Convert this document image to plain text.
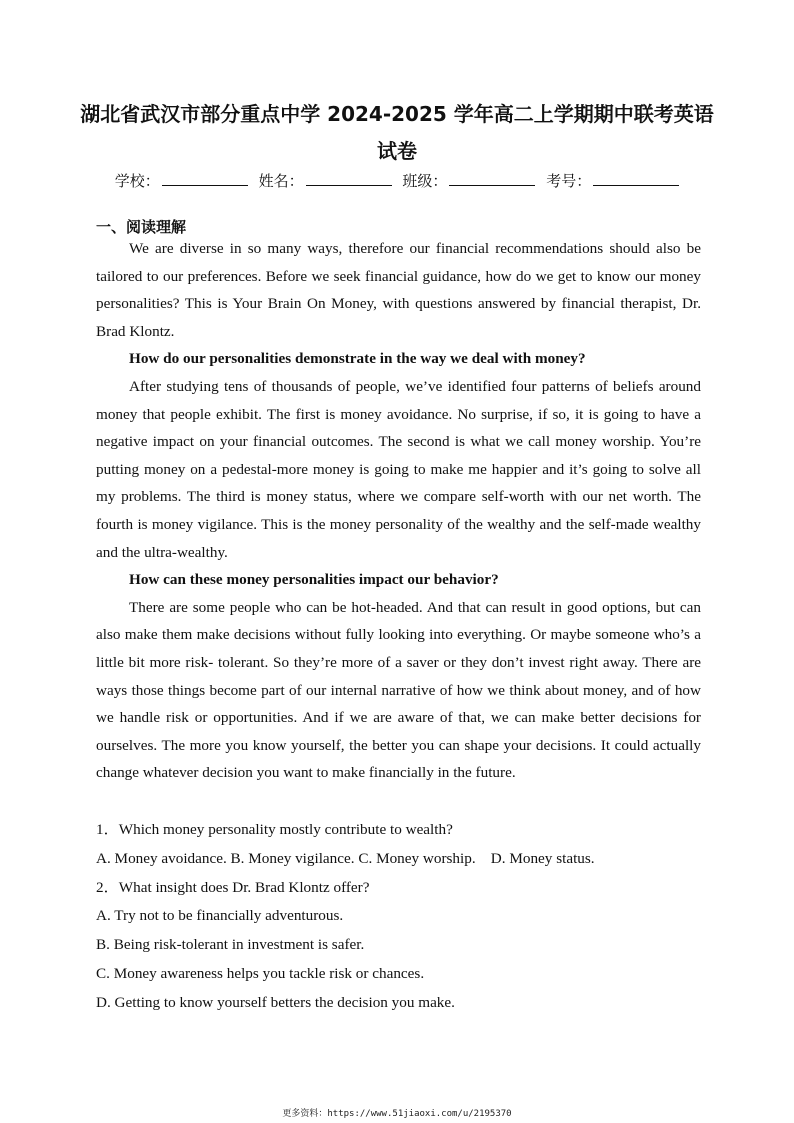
湖北省武汉市部分重点中学 2024-2025 学年高二上学期期中联考英语
试卷
学校：	姓名：	班级：	考号：
一、阅读理解

We are diverse in so many ways, therefore our financial recommendations should also be tailored to our preferences. Before we seek financial guidance, how do we get to know our money personalities? This is Your Brain On Money, with questions answered by financial therapist, Dr. Brad Klontz.

How do our personalities demonstrate in the way we deal with money?

After studying tens of thousands of people, we’ve identified four patterns of beliefs around money that people exhibit. The first is money avoidance. No surprise, if so, it is going to have a negative impact on your financial outcomes. The second is what we call money worship. You’re putting money on a pedestal-more money is going to make me happier and it’s going to solve all my problems. The third is money status, where we compare self-worth with our net worth. The fourth is money vigilance. This is the money personality of the wealthy and the self-made wealthy and the ultra-wealthy.

How can these money personalities impact our behavior?

There are some people who can be hot-headed. And that can result in good options, but can also make them make decisions without fully looking into everything. Or maybe someone who’s a little bit more risk- tolerant. So they’re more of a saver or they don’t invest right away. There are ways those things become part of our internal narrative of how we think about money, and of how we handle risk or opportunities. And if we are aware of that, we can make better decisions for ourselves. The more you know yourself, the better you can shape your decisions. It could actually change whatever decision you want to make financially in the future.

1．Which money personality mostly contribute to wealth?
A. Money avoidance. B. Money vigilance. C. Money worship.    D. Money status.
2．What insight does Dr. Brad Klontz offer?
A. Try not to be financially adventurous.
B. Being risk-tolerant in investment is safer.
C. Money awareness helps you tackle risk or chances.
D. Getting to know yourself betters the decision you make.
更多资料：https://www.51jiaoxi.com/u/2195370
